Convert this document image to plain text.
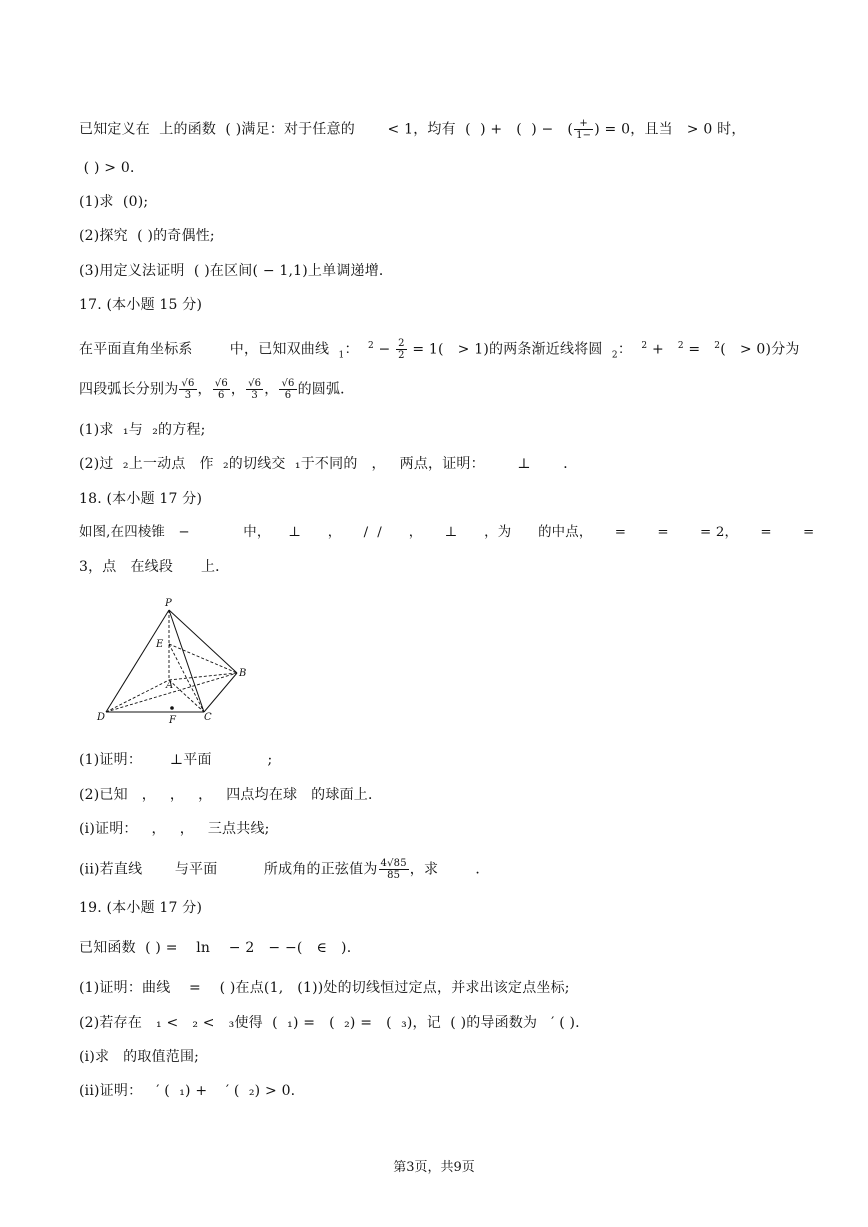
已知定义在  上的函数  ( )满足：对于任意的       < 1，均有  (  ) +   (  ) −   ( $\frac{+}{1-}$ ) = 0，且当   > 0 时，
( ) > 0．
(1)求  (0);
(2)探究  ( )的奇偶性;
(3)用定义法证明  ( )在区间( − 1,1)上单调递增．
17. (本小题 15 分)
在平面直角坐标系        中，已知双曲线  $_1$：  $^2 - \frac{2}{2} = 1( > 1)$的两条渐近线将圆  $_2$：  $^2$ +   $^2$ =   $^2$(   > 0)分为
四段弧长分别为 $\frac{√6}{3}$ ， $\frac{√6}{6}$ ， $\frac{√6}{3}$ ， $\frac{√6}{6}$ 的圆弧．
(1)求  ₁与  ₂的方程;
(2)过  ₂上一动点   作  ₂的切线交  ₁于不同的   ，   两点，证明：       ⊥       ．
18. (本小题 17 分)
如图,在四棱锥   −            中，    ⊥      ，     /  /      ，     ⊥      ，为      的中点，     =       =       = 2，     =       =
3，点   在线段      上．
P
E
A
B
D	F	C
(1)证明：      ⊥平面            ;
(2)已知   ，   ，   ，   四点均在球   的球面上．
(i)证明：   ，   ，   三点共线;
(ii)若直线       与平面          所成角的正弦值为 $\frac{4√85}{85}$ ，求        ．
19. (本小题 17 分)
已知函数  ( ) =    ln    − 2   − −(   ∈   ).
(1)证明：曲线    =    ( )在点(1,   (1))处的切线恒过定点，并求出该定点坐标;
(2)若存在   ₁ <   ₂ <   ₃使得  (  ₁) =   (  ₂) =   (  ₃)，记  ( )的导函数为   ′ ( ).
(i)求   的取值范围;
(ii)证明：   ′ (  ₁) +    ′ (  ₂) > 0.
第3页，共9页
